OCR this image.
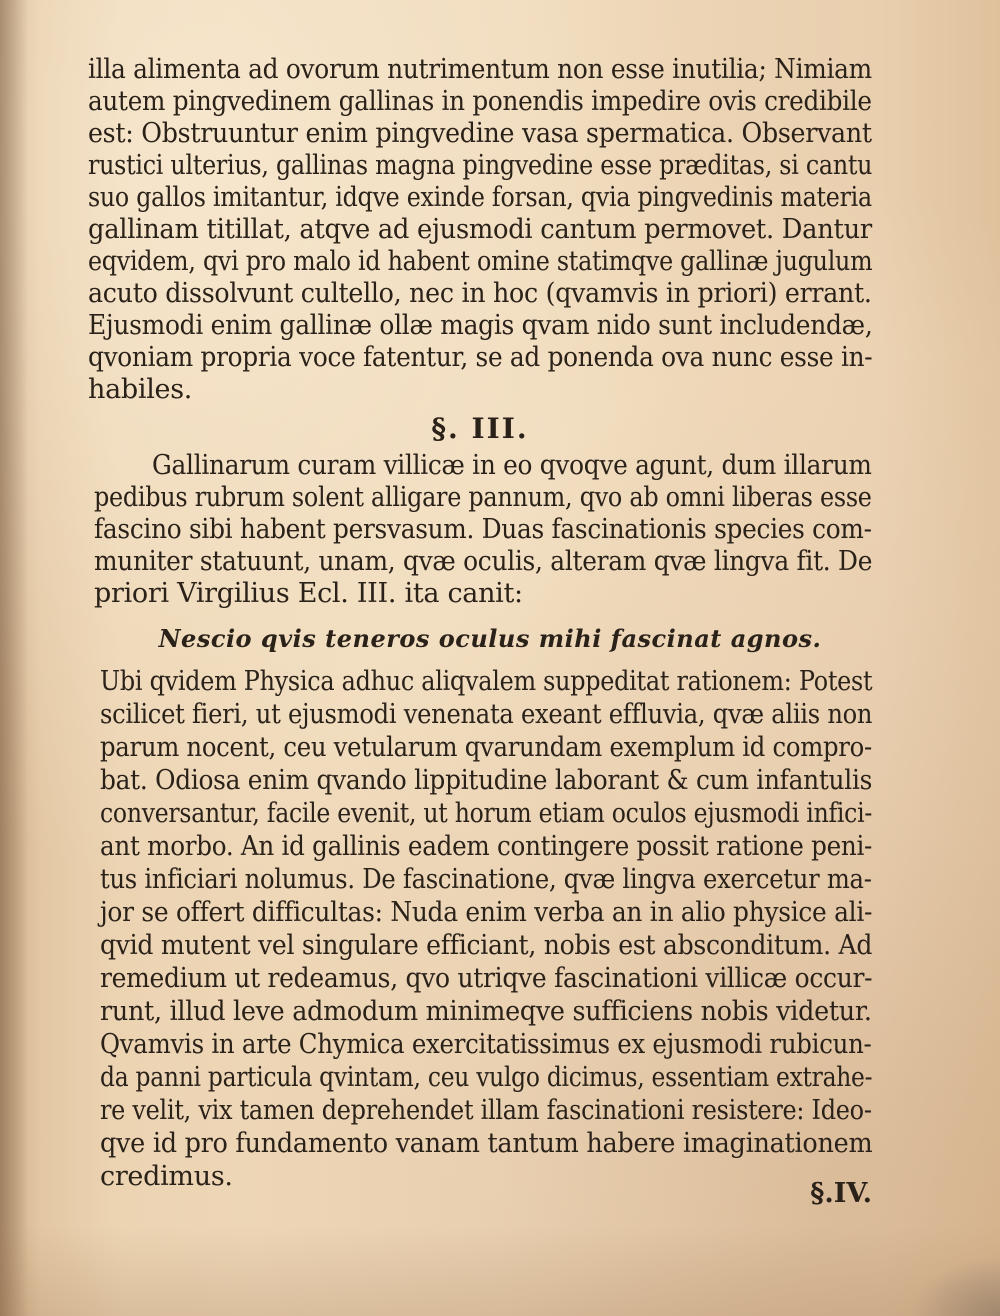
illa alimenta ad ovorum nutrimentum non esse inutilia; Nimiam
autem pingvedinem gallinas in ponendis impedire ovis credibile
est: Obstruuntur enim pingvedine vasa spermatica. Observant
rustici ulterius, gallinas magna pingvedine esse præditas, si cantu
suo gallos imitantur, idqve exinde forsan, qvia pingvedinis materia
gallinam titillat, atqve ad ejusmodi cantum permovet. Dantur
eqvidem, qvi pro malo id habent omine statimqve gallinæ jugulum
acuto dissolvunt cultello, nec in hoc (qvamvis in priori) errant.
Ejusmodi enim gallinæ ollæ magis qvam nido sunt includendæ,
qvoniam propria voce fatentur, se ad ponenda ova nunc esse in-
habiles.
§. III.
Gallinarum curam villicæ in eo qvoqve agunt, dum illarum
pedibus rubrum solent alligare pannum, qvo ab omni liberas esse
fascino sibi habent persvasum. Duas fascinationis species com-
muniter statuunt, unam, qvæ oculis, alteram qvæ lingva fit. De
priori Virgilius Ecl. III. ita canit:
Nescio qvis teneros oculus mihi fascinat agnos.
Ubi qvidem Physica adhuc aliqvalem suppeditat rationem: Potest
scilicet fieri, ut ejusmodi venenata exeant effluvia, qvæ aliis non
parum nocent, ceu vetularum qvarundam exemplum id compro-
bat. Odiosa enim qvando lippitudine laborant & cum infantulis
conversantur, facile evenit, ut horum etiam oculos ejusmodi infici-
ant morbo. An id gallinis eadem contingere possit ratione peni-
tus inficiari nolumus. De fascinatione, qvæ lingva exercetur ma-
jor se offert difficultas: Nuda enim verba an in alio physice ali-
qvid mutent vel singulare efficiant, nobis est absconditum. Ad
remedium ut redeamus, qvo utriqve fascinationi villicæ occur-
runt, illud leve admodum minimeqve sufficiens nobis videtur.
Qvamvis in arte Chymica exercitatissimus ex ejusmodi rubicun-
da panni particula qvintam, ceu vulgo dicimus, essentiam extrahe-
re velit, vix tamen deprehendet illam fascinationi resistere: Ideo-
qve id pro fundamento vanam tantum habere imaginationem
credimus.
§.IV.
